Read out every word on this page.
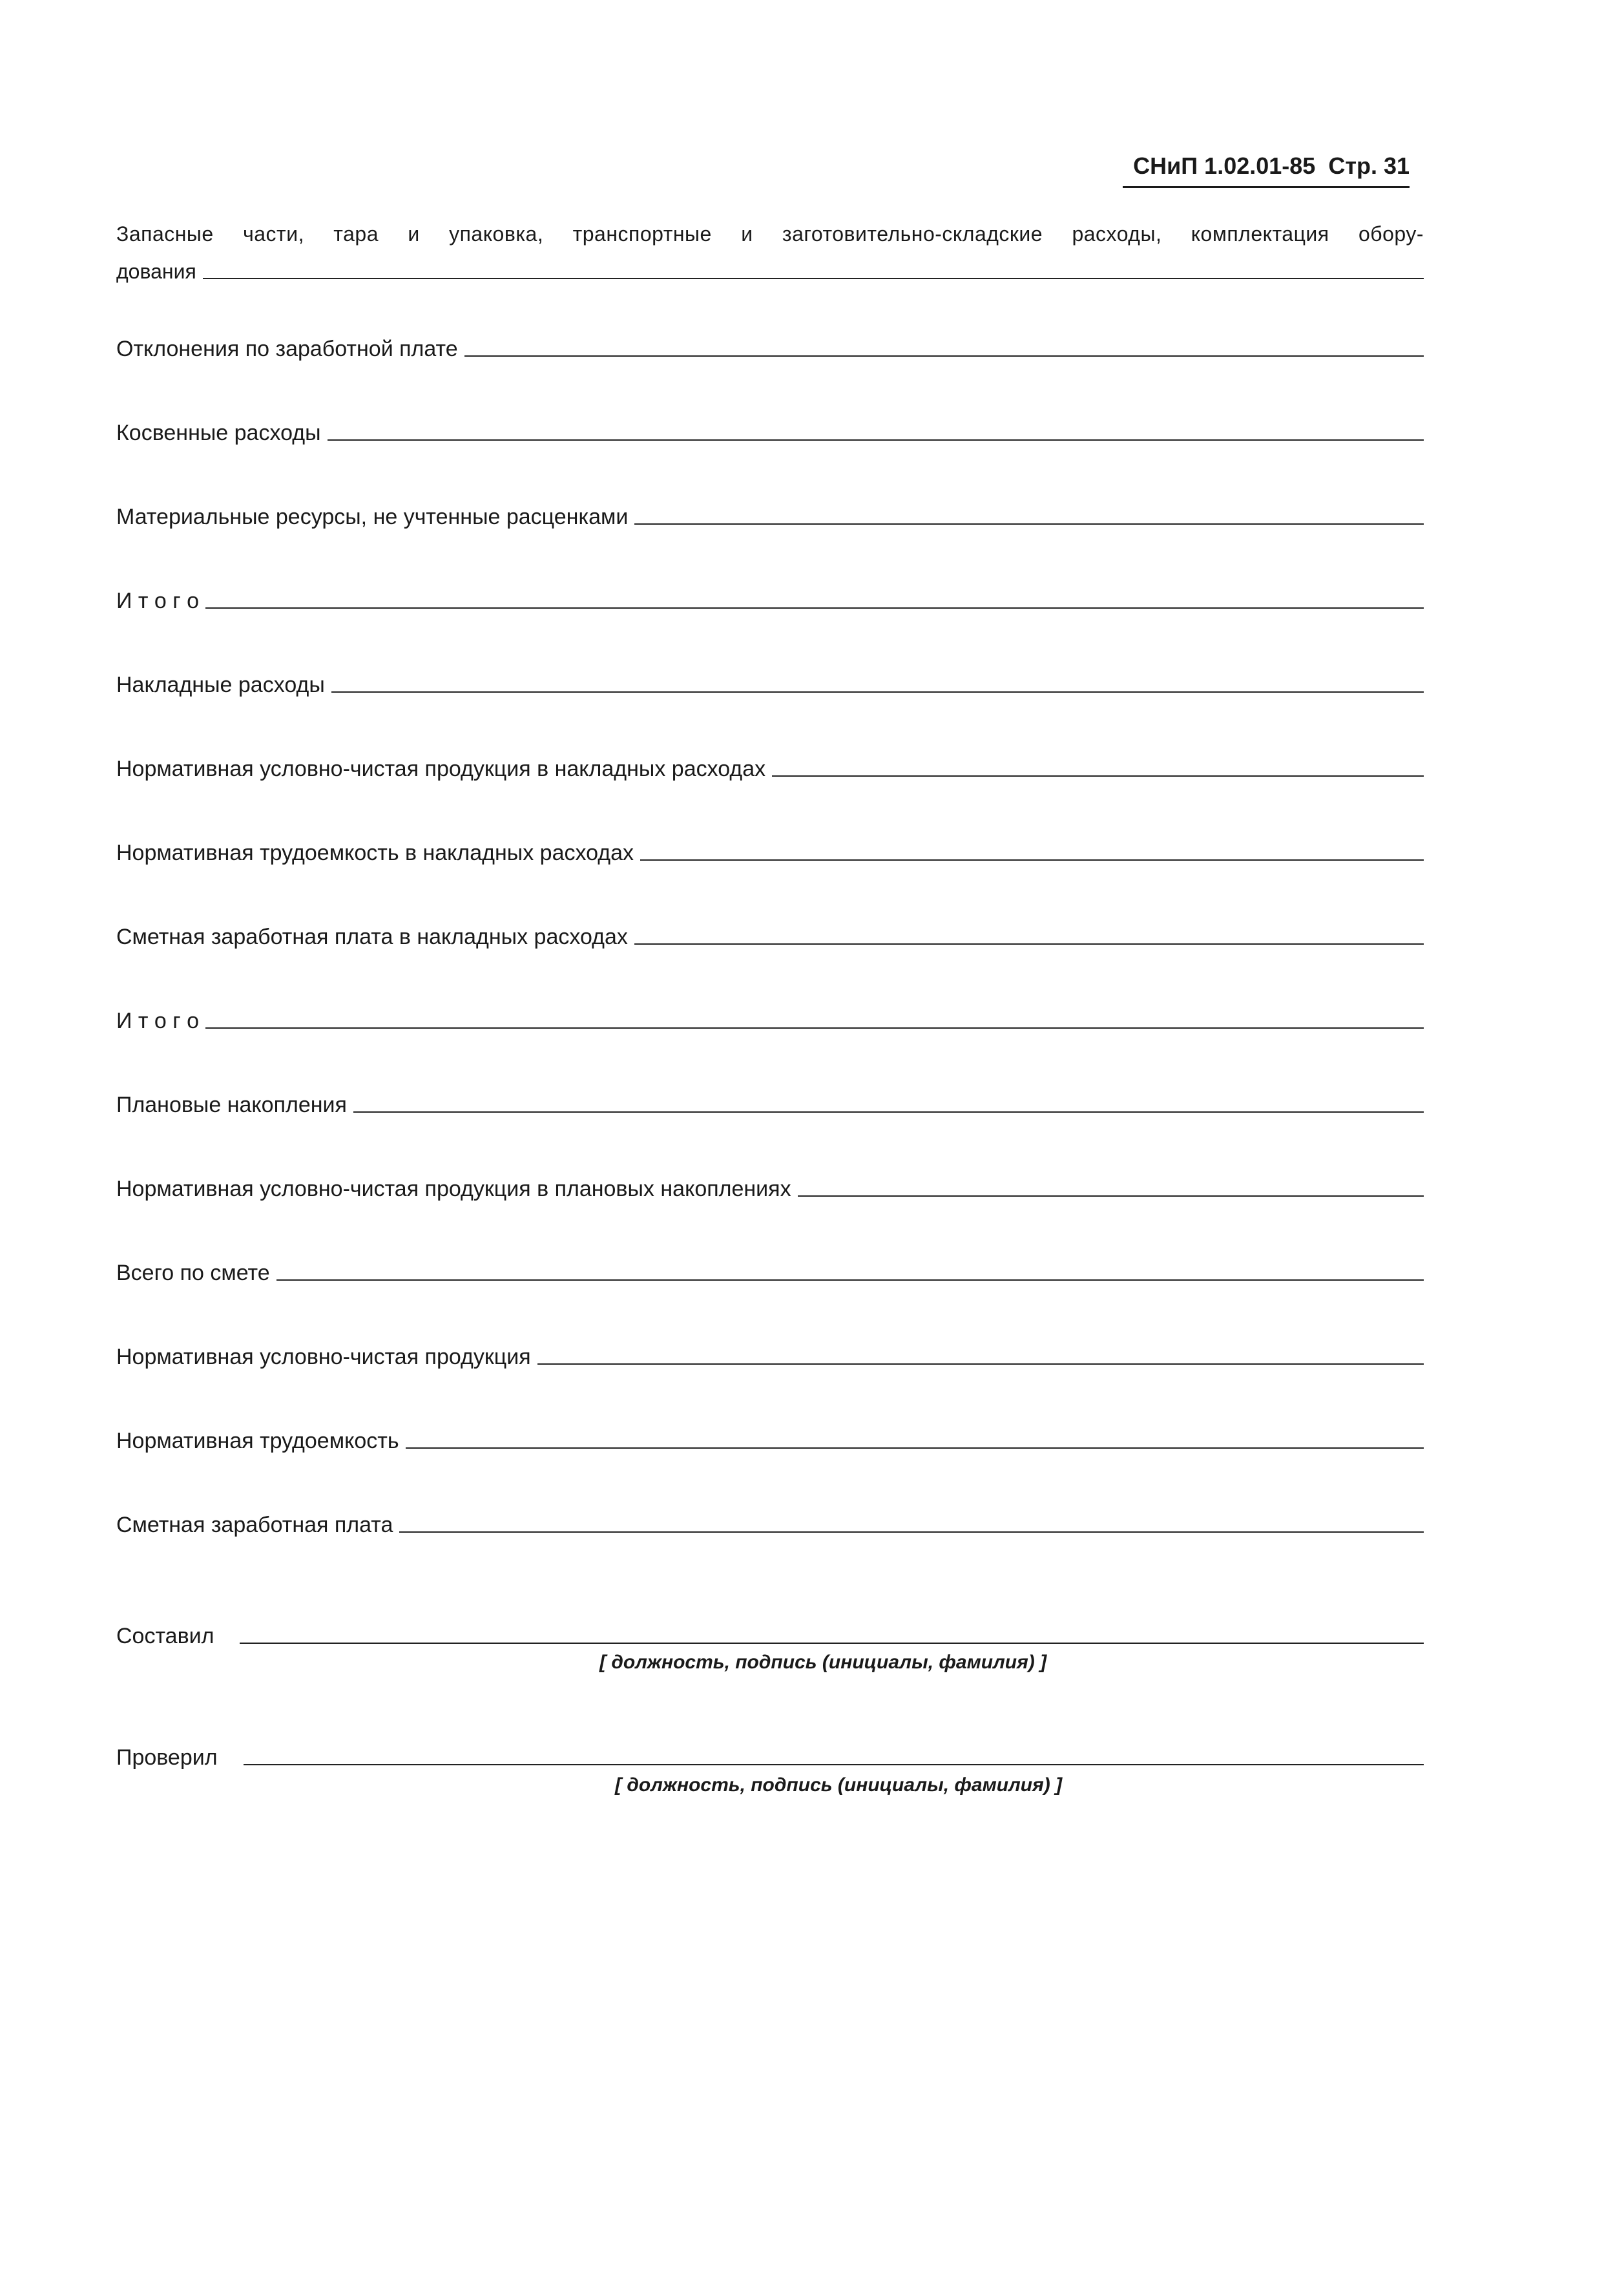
СНиП 1.02.01-85 Стр. 31
Запасные части, тара и упаковка, транспортные и заготовительно-складские расходы, комплектация обору-
дования
Отклонения по заработной плате
Косвенные расходы
Материальные ресурсы, не учтенные расценками
И т о г о
Накладные расходы
Нормативная условно-чистая продукция в накладных расходах
Нормативная трудоемкость в накладных расходах
Сметная заработная плата в накладных расходах
И т о г о
Плановые накопления
Нормативная условно-чистая продукция в плановых накоплениях
Всего по смете
Нормативная условно-чистая продукция
Нормативная трудоемкость
Сметная заработная плата
Составил
[ должность, подпись (инициалы, фамилия) ]
Проверил
[ должность, подпись (инициалы, фамилия) ]
